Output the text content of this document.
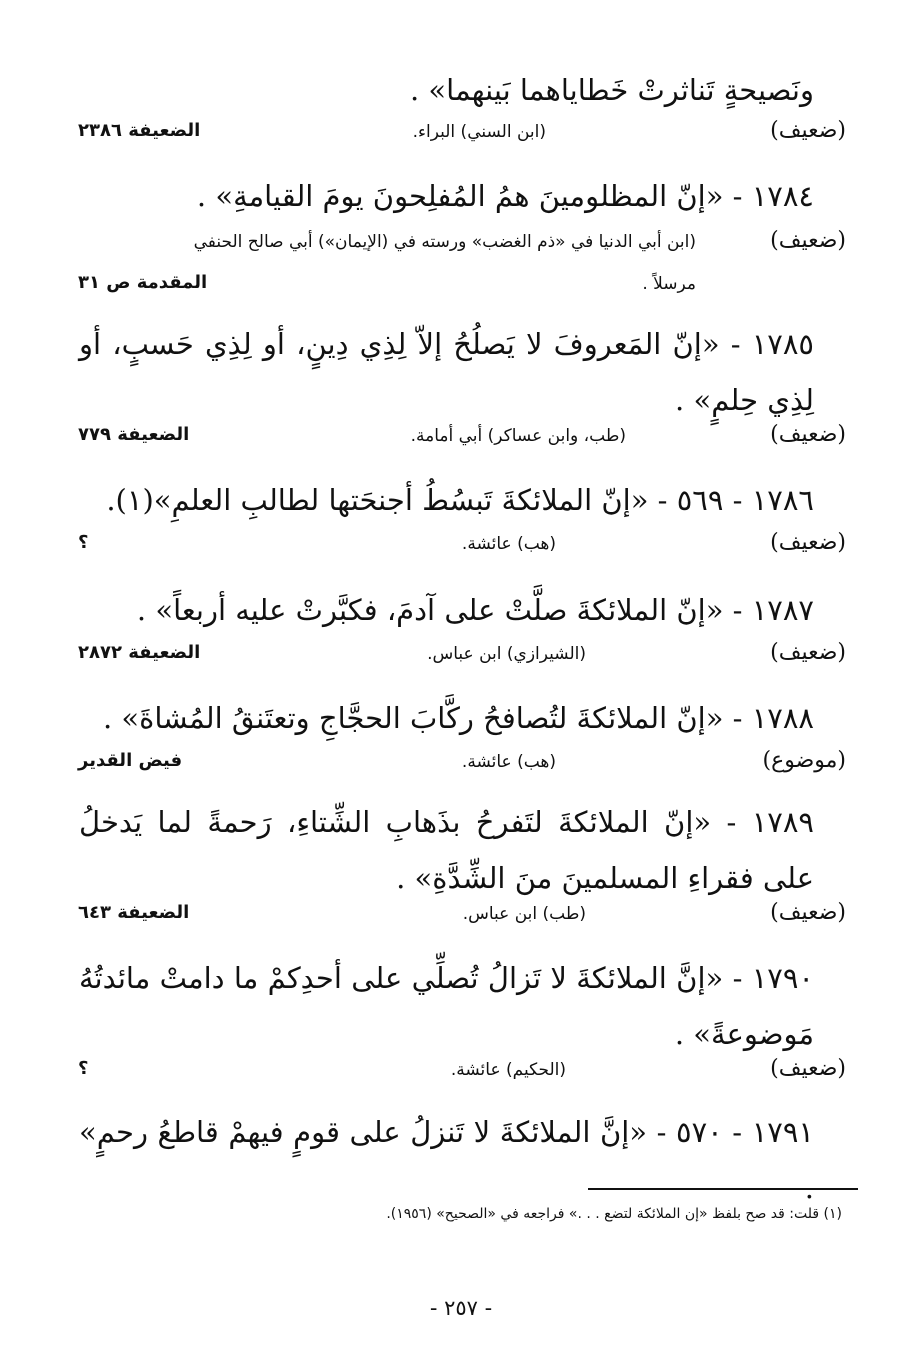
ونَصيحةٍ تَناثرتْ خَطاياهما بَينهما» .
( ضعيف )
(ابن السني) البراء.
الضعيفة ٢٣٨٦
١٧٨٤ - «إنّ المظلومينَ همُ المُفلِحونَ يومَ القيامةِ» .
( ضعيف )
(ابن أبي الدنيا في «ذم الغضب» ورسته في (الإيمان») أبي صالح الحنفي
مرسلاً .
المقدمة ص ٣١
١٧٨٥ - «إنّ المَعروفَ لا يَصلُحُ إلاّ لِذِي دِينٍ، أو لِذِي حَسبٍ، أو لِذِي حِلمٍ» .
( ضعيف )
(طب، وابن عساكر) أبي أمامة.
الضعيفة ٧٧٩
١٧٨٦ - ٥٦٩ - «إنّ الملائكةَ تَبسُطُ أجنحَتها لطالبِ العلمِ»(١).
( ضعيف )
(هب) عائشة.
؟
١٧٨٧ - «إنّ الملائكةَ صلَّتْ على آدمَ، فكبَّرتْ عليه أربعاً» .
( ضعيف )
(الشيرازي) ابن عباس.
الضعيفة ٢٨٧٢
١٧٨٨ - «إنّ الملائكةَ لتُصافحُ ركَّابَ الحجَّاجِ وتعتَنقُ المُشاةَ» .
( موضوع )
(هب) عائشة.
فيض القدير
١٧٨٩ - «إنّ الملائكةَ لتَفرحُ بذَهابِ الشِّتاءِ، رَحمةً لما يَدخلُ على فقراءِ المسلمينَ منَ الشِّدَّةِ» .
( ضعيف )
(طب) ابن عباس.
الضعيفة ٦٤٣
١٧٩٠ - «إنَّ الملائكةَ لا تَزالُ تُصلِّي على أحدِكمْ ما دامتْ مائدتُهُ مَوضوعةً» .
( ضعيف )
(الحكيم) عائشة.
؟
١٧٩١ - ٥٧٠ - «إنَّ الملائكةَ لا تَنزلُ على قومٍ فيهمْ قاطعُ رحمٍ» .
(١) قلت: قد صح بلفظ «إن الملائكة لتضع . . .» فراجعه في «الصحيح» (١٩٥٦).
- ٢٥٧ -
